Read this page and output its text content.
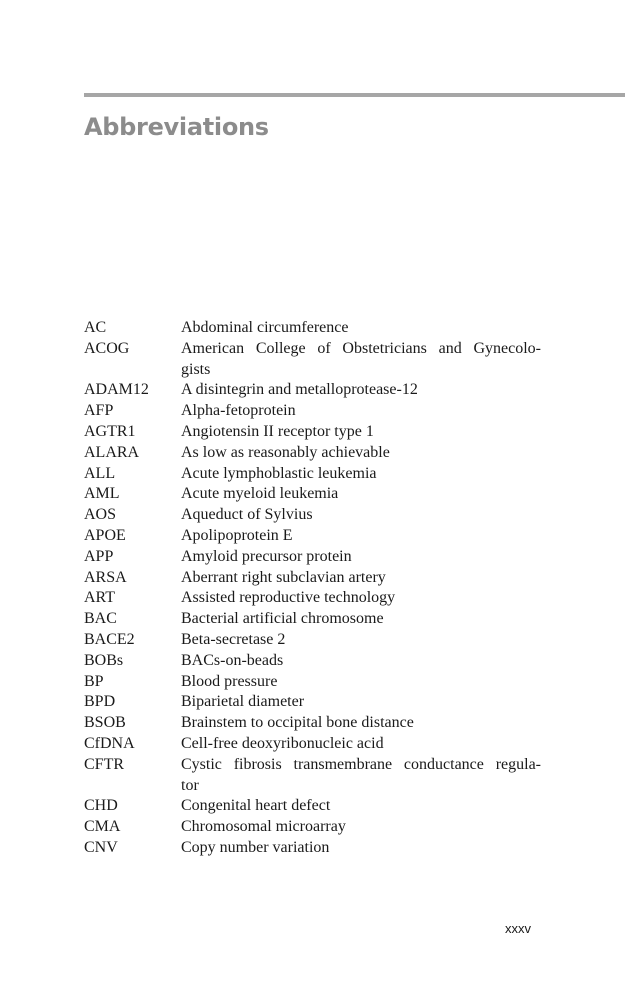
Abbreviations
AC	Abdominal circumference
ACOG	American College of Obstetricians and Gynecolo-
gists
ADAM12	A disintegrin and metalloprotease-12
AFP	Alpha-fetoprotein
AGTR1	Angiotensin II receptor type 1
ALARA	As low as reasonably achievable
ALL	Acute lymphoblastic leukemia
AML	Acute myeloid leukemia
AOS	Aqueduct of Sylvius
APOE	Apolipoprotein E
APP	Amyloid precursor protein
ARSA	Aberrant right subclavian artery
ART	Assisted reproductive technology
BAC	Bacterial artificial chromosome
BACE2	Beta-secretase 2
BOBs	BACs-on-beads
BP	Blood pressure
BPD	Biparietal diameter
BSOB	Brainstem to occipital bone distance
CfDNA	Cell-free deoxyribonucleic acid
CFTR	Cystic fibrosis transmembrane conductance regula-
tor
CHD	Congenital heart defect
CMA	Chromosomal microarray
CNV	Copy number variation
xxxv
